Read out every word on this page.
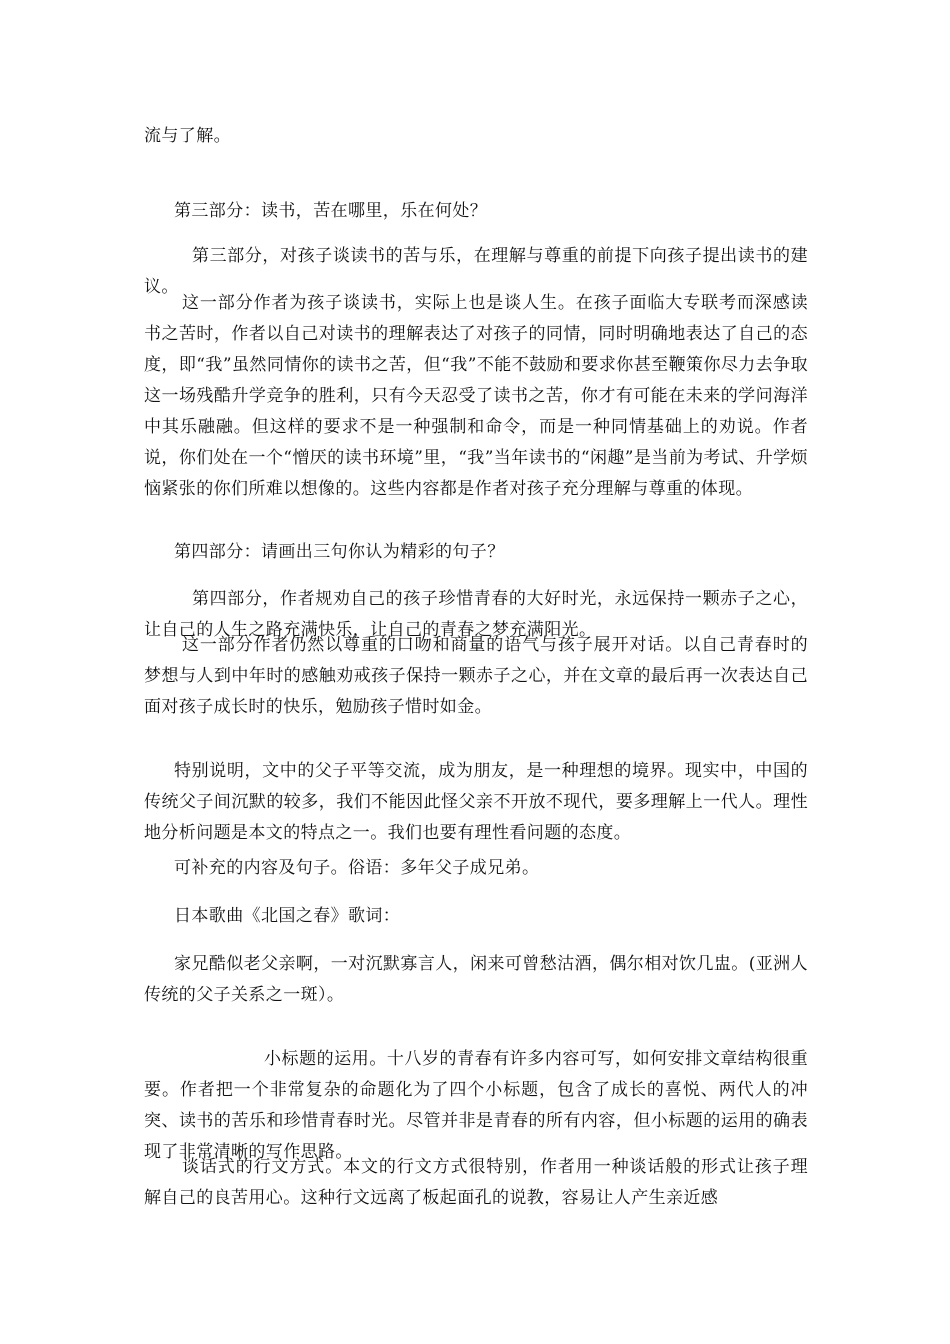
流与了解。

第三部分：读书，苦在哪里，乐在何处？

第三部分，对孩子谈读书的苦与乐，在理解与尊重的前提下向孩子提出读书的建议。

这一部分作者为孩子谈读书，实际上也是谈人生。在孩子面临大专联考而深感读书之苦时，作者以自己对读书的理解表达了对孩子的同情，同时明确地表达了自己的态度，即“我”虽然同情你的读书之苦，但“我”不能不鼓励和要求你甚至鞭策你尽力去争取这一场残酷升学竞争的胜利，只有今天忍受了读书之苦，你才有可能在未来的学问海洋中其乐融融。但这样的要求不是一种强制和命令，而是一种同情基础上的劝说。作者说，你们处在一个“憎厌的读书环境”里，“我”当年读书的“闲趣”是当前为考试、升学烦恼紧张的你们所难以想像的。这些内容都是作者对孩子充分理解与尊重的体现。

第四部分：请画出三句你认为精彩的句子？

第四部分，作者规劝自己的孩子珍惜青春的大好时光，永远保持一颗赤子之心，让自己的人生之路充满快乐，让自己的青春之梦充满阳光。

这一部分作者仍然以尊重的口吻和商量的语气与孩子展开对话。以自己青春时的梦想与人到中年时的感触劝戒孩子保持一颗赤子之心，并在文章的最后再一次表达自己面对孩子成长时的快乐，勉励孩子惜时如金。

特别说明，文中的父子平等交流，成为朋友，是一种理想的境界。现实中，中国的传统父子间沉默的较多，我们不能因此怪父亲不开放不现代，要多理解上一代人。理性地分析问题是本文的特点之一。我们也要有理性看问题的态度。

可补充的内容及句子。俗语：多年父子成兄弟。

日本歌曲《北国之春》歌词：

家兄酷似老父亲啊，一对沉默寡言人，闲来可曾愁沽酒，偶尔相对饮几盅。(亚洲人传统的父子关系之一斑）。

小标题的运用。十八岁的青春有许多内容可写，如何安排文章结构很重要。作者把一个非常复杂的命题化为了四个小标题，包含了成长的喜悦、两代人的冲突、读书的苦乐和珍惜青春时光。尽管并非是青春的所有内容，但小标题的运用的确表现了非常清晰的写作思路。

谈话式的行文方式。本文的行文方式很特别，作者用一种谈话般的形式让孩子理解自己的良苦用心。这种行文远离了板起面孔的说教，容易让人产生亲近感
